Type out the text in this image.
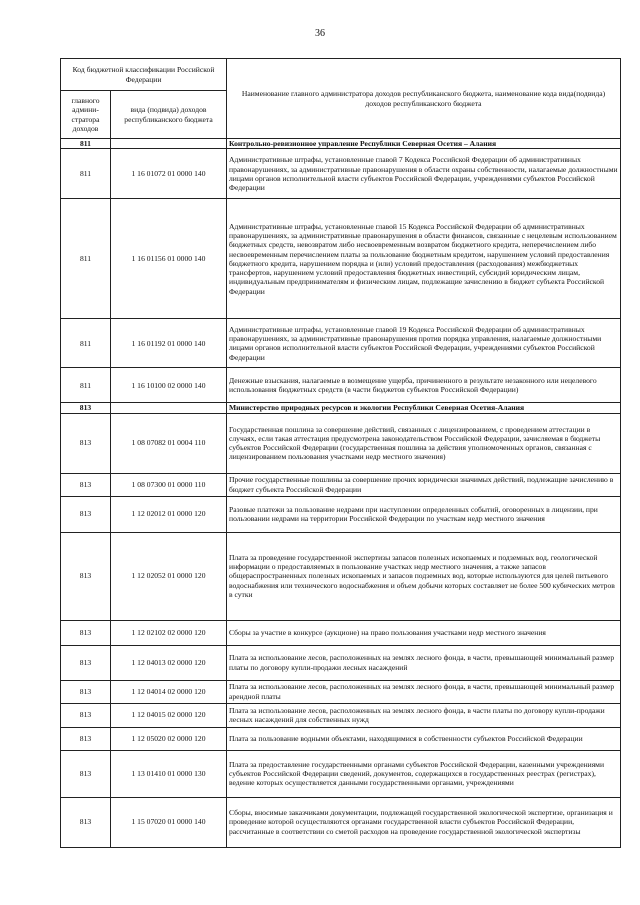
36
Код бюджетной классификации Российской Федерации		Наименование главного администратора доходов республиканского бюджета, наименование кода вида(подвида) доходов республиканского бюджета
главного админи-стратора доходов	вида (подвида) доходов республиканского бюджета	
811		Контрольно-ревизионное управление Республики Северная Осетия – Алания
811	1 16 01072 01 0000 140	Административные штрафы, установленные главой 7 Кодекса Российской Федерации об административных правонарушениях, за административные правонарушения в области охраны собственности, налагаемые должностными лицами органов исполнительной власти субъектов Российской Федерации, учреждениями субъектов Российской Федерации
811	1 16 01156 01 0000 140	Административные штрафы, установленные главой 15 Кодекса Российской Федерации об административных правонарушениях, за административные правонарушения в области финансов, связанные с нецелевым использованием бюджетных средств, невозвратом либо несвоевременным возвратом бюджетного кредита, неперечислением либо несвоевременным перечислением платы за пользование бюджетным кредитом, нарушением условий предоставления бюджетного кредита, нарушением порядка и (или) условий предоставления (расходования) межбюджетных трансфертов, нарушением условий предоставления бюджетных инвестиций, субсидий юридическим лицам, индивидуальным предпринимателям и физическим лицам, подлежащие зачислению в бюджет субъекта Российской Федерации
811	1 16 01192 01 0000 140	Административные штрафы, установленные главой 19 Кодекса Российской Федерации об административных правонарушениях, за административные правонарушения против порядка управления, налагаемые должностными лицами органов исполнительной власти субъектов Российской Федерации, учреждениями субъектов Российской Федерации
811	1 16 10100 02 0000 140	Денежные взыскания, налагаемые в возмещение ущерба, причиненного в результате незаконного или нецелевого использования бюджетных средств (в части бюджетов субъектов Российской Федерации)
813		Министерство природных ресурсов и экологии Республики Северная Осетия-Алания
813	1 08 07082 01 0004 110	Государственная пошлина за совершение действий, связанных с лицензированием, с проведением аттестации в случаях, если такая аттестация предусмотрена законодательством Российской Федерации, зачисляемая в бюджеты субъектов Российской Федерации (государственная пошлина за действия уполномоченных органов, связанная с лицензированием пользования участками недр местного значения)
813	1 08 07300 01 0000 110	Прочие государственные пошлины за совершение прочих юридически значимых действий, подлежащие зачислению в бюджет субъекта Российской Федерации
813	1 12 02012 01 0000 120	Разовые платежи за пользование недрами при наступлении определенных событий, оговоренных в лицензии, при пользовании недрами на территории Российской Федерации по участкам недр местного значения
813	1 12 02052 01 0000 120	Плата за проведение государственной экспертизы запасов полезных ископаемых и подземных вод, геологической информации о предоставляемых в пользование участках недр местного значения, а также запасов общераспространенных полезных ископаемых и запасов подземных вод, которые используются для целей питьевого водоснабжения или технического водоснабжения и объем добычи которых составляет не более 500 кубических метров в сутки
813	1 12 02102 02 0000 120	Сборы за участие в конкурсе (аукционе) на право пользования участками недр местного значения
813	1 12 04013 02 0000 120	Плата за использование лесов, расположенных на землях лесного фонда, в части, превышающей минимальный размер платы по договору купли-продажи лесных насаждений
813	1 12 04014 02 0000 120	Плата за использование лесов, расположенных на землях лесного фонда, в части, превышающей минимальный размер арендной платы
813	1 12 04015 02 0000 120	Плата за использование лесов, расположенных на землях лесного фонда, в части платы по договору купли-продажи лесных насаждений для собственных нужд
813	1 12 05020 02 0000 120	Плата за пользование водными объектами, находящимися в собственности субъектов Российской Федерации
813	1 13 01410 01 0000 130	Плата за предоставление государственными органами субъектов Российской Федерации, казенными учреждениями субъектов Российской Федерации сведений, документов, содержащихся в государственных реестрах (регистрах), ведение которых осуществляется данными государственными органами, учреждениями
813	1 15 07020 01 0000 140	Сборы, вносимые заказчиками документации, подлежащей государственной экологической экспертизе, организация и проведение которой осуществляются органами государственной власти субъектов Российской Федерации, рассчитанные в соответствии со сметой расходов на проведение государственной экологической экспертизы
